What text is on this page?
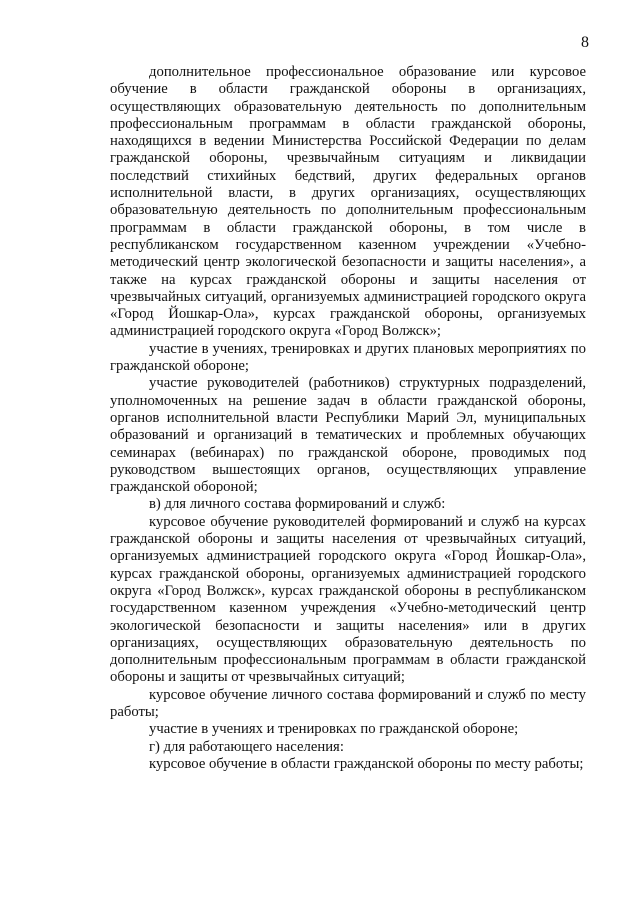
8

дополнительное профессиональное образование или курсовое обучение в области гражданской обороны в организациях, осуществляющих образовательную деятельность по дополнительным профессиональным программам в области гражданской обороны, находящихся в ведении Министерства Российской Федерации по делам гражданской обороны, чрезвычайным ситуациям и ликвидации последствий стихийных бедствий, других федеральных органов исполнительной власти, в других организациях, осуществляющих образовательную деятельность по дополнительным профессиональным программам в области гражданской обороны, в том числе в республиканском государственном казенном учреждении «Учебно-методический центр экологической безопасности и защиты населения», а также на курсах гражданской обороны и защиты населения от чрезвычайных ситуаций, организуемых администрацией городского округа «Город Йошкар-Ола», курсах гражданской обороны, организуемых администрацией городского округа «Город Волжск»;

участие в учениях, тренировках и других плановых мероприятиях по гражданской обороне;

участие руководителей (работников) структурных подразделений, уполномоченных на решение задач в области гражданской обороны, органов исполнительной власти Республики Марий Эл, муниципальных образований и организаций в тематических и проблемных обучающих семинарах (вебинарах) по гражданской обороне, проводимых под руководством вышестоящих органов, осуществляющих управление гражданской обороной;

в) для личного состава формирований и служб:

курсовое обучение руководителей формирований и служб на курсах гражданской обороны и защиты населения от чрезвычайных ситуаций, организуемых администрацией городского округа «Город Йошкар-Ола», курсах гражданской обороны, организуемых администрацией городского округа «Город Волжск», курсах гражданской обороны в республиканском государственном казенном учреждения «Учебно-методический центр экологической безопасности и защиты населения» или в других организациях, осуществляющих образовательную деятельность по дополнительным профессиональным программам в области гражданской обороны и защиты от чрезвычайных ситуаций;

курсовое обучение личного состава формирований и служб по месту работы;

участие в учениях и тренировках по гражданской обороне;

г) для работающего населения:

курсовое обучение в области гражданской обороны по месту работы;
